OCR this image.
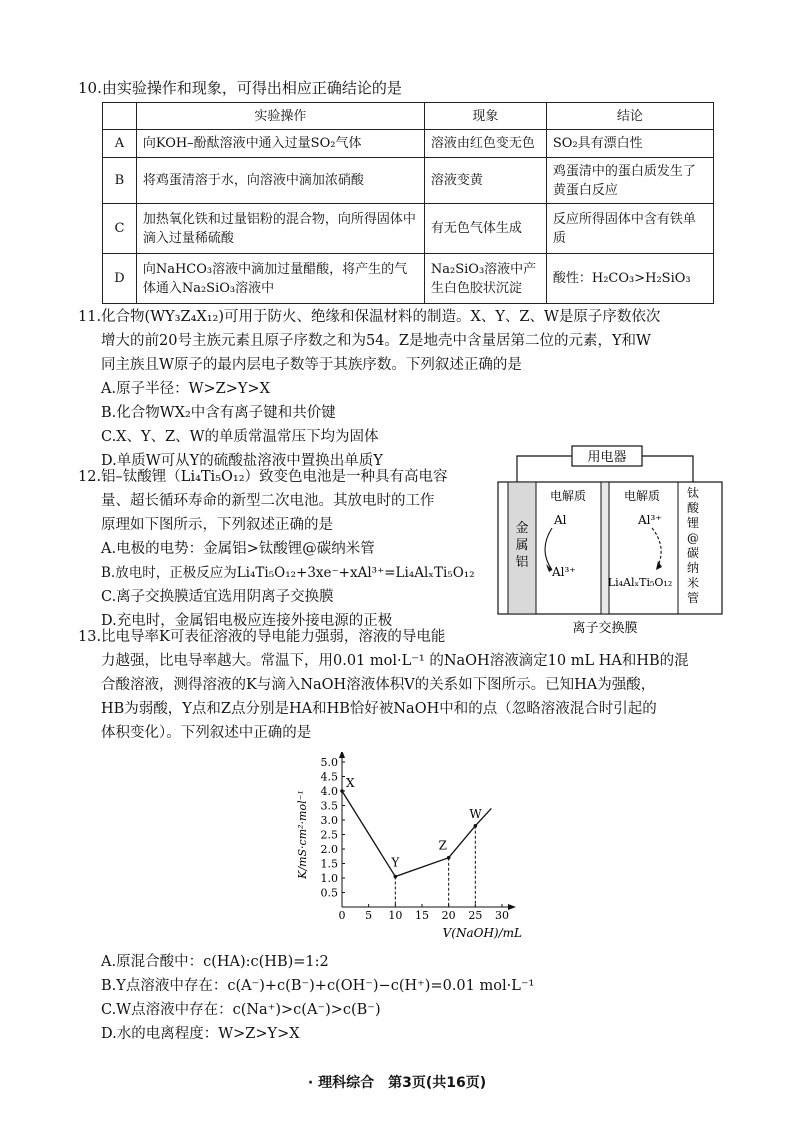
10.由实验操作和现象，可得出相应正确结论的是
	实验操作	现象	结论
A	向KOH–酚酞溶液中通入过量SO₂气体	溶液由红色变无色	SO₂具有漂白性
B	将鸡蛋清溶于水，向溶液中滴加浓硝酸	溶液变黄	鸡蛋清中的蛋白质发生了黄蛋白反应
C	加热氧化铁和过量铝粉的混合物，向所得固体中滴入过量稀硫酸	有无色气体生成	反应所得固体中含有铁单质
D	向NaHCO₃溶液中滴加过量醋酸，将产生的气体通入Na₂SiO₃溶液中	Na₂SiO₃溶液中产生白色胶状沉淀	酸性：H₂CO₃>H₂SiO₃
11.化合物(WY₃Z₄X₁₂)可用于防火、绝缘和保温材料的制造。X、Y、Z、W是原子序数依次
增大的前20号主族元素且原子序数之和为54。Z是地壳中含量居第二位的元素，Y和W
同主族且W原子的最内层电子数等于其族序数。下列叙述正确的是
A.原子半径：W>Z>Y>X
B.化合物WX₂中含有离子键和共价键
C.X、Y、Z、W的单质常温常压下均为固体
D.单质W可从Y的硫酸盐溶液中置换出单质Y
12.铝–钛酸锂（Li₄Ti₅O₁₂）致变色电池是一种具有高电容
量、超长循环寿命的新型二次电池。其放电时的工作
原理如下图所示，下列叙述正确的是
A.电极的电势：金属铝>钛酸锂@碳纳米管
B.放电时，正极反应为Li₄Ti₅O₁₂+3xe⁻+xAl³⁺=Li₄AlₓTi₅O₁₂
C.离子交换膜适宜选用阴离子交换膜
D.充电时，金属铝电极应连接外接电源的正极
用电器
金
属
铝
钛
酸
锂
@
碳
纳
米
管
电解质	电解质
Al
Al³⁺
Al³⁺
Li₄AlₓTi₅O₁₂
离子交换膜
13.比电导率K可表征溶液的导电能力强弱，溶液的导电能
力越强，比电导率越大。常温下，用0.01 mol·L⁻¹ 的NaOH溶液滴定10 mL HA和HB的混
合酸溶液，测得溶液的K与滴入NaOH溶液体积V的关系如下图所示。已知HA为强酸，
HB为弱酸，Y点和Z点分别是HA和HB恰好被NaOH中和的点（忽略溶液混合时引起的
体积变化）。下列叙述中正确的是
0 5 10 15 20 25 30
0.5
1.0
1.5
2.0
2.5
3.0
3.5
4.0
4.5
5.0
V(NaOH)/mL
K/mS·cm²·mol⁻¹
X
Y
Z
W
A.原混合酸中：c(HA):c(HB)=1:2
B.Y点溶液中存在：c(A⁻)+c(B⁻)+c(OH⁻)−c(H⁺)=0.01 mol·L⁻¹
C.W点溶液中存在：c(Na⁺)>c(A⁻)>c(B⁻)
D.水的电离程度：W>Z>Y>X
· 理科综合　第3页(共16页)
